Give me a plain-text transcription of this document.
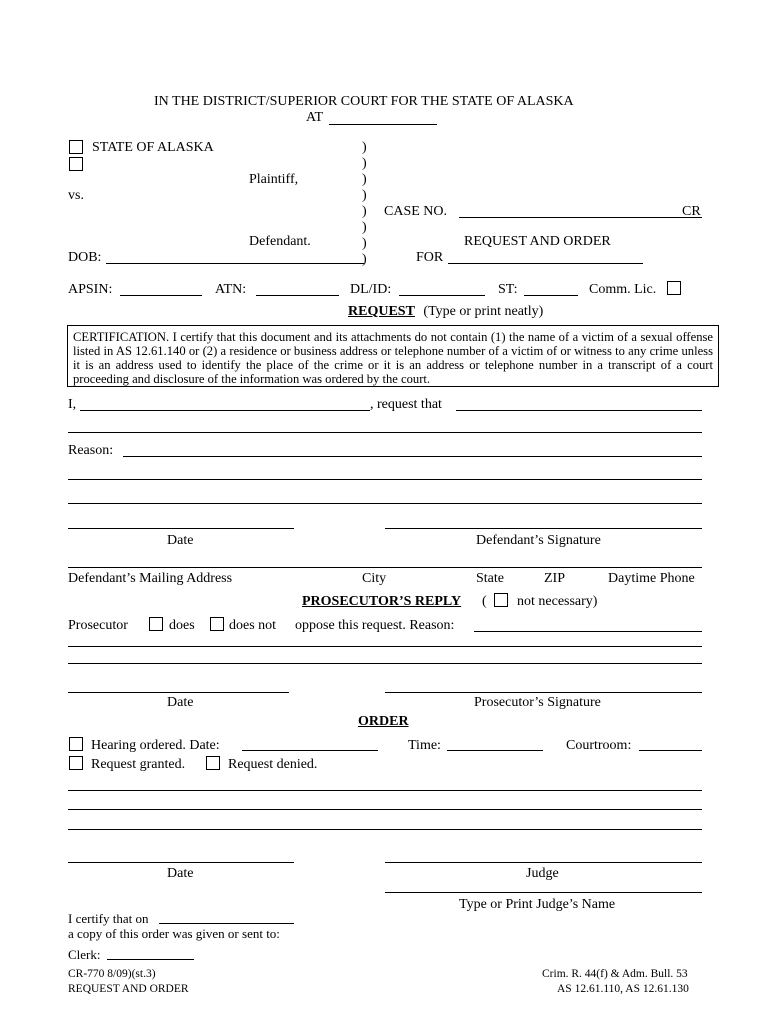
IN THE DISTRICT/SUPERIOR COURT FOR THE STATE OF ALASKA
AT
STATE OF ALASKA
Plaintiff,
vs.
Defendant.
DOB:
)
)
)
)
)
)
)
)
CASE NO.	CR
REQUEST AND ORDER
FOR
APSIN:	ATN:	DL/ID:	ST:	Comm. Lic.
REQUEST (Type or print neatly)
CERTIFICATION. I certify that this document and its attachments do not contain (1) the name of a victim of a sexual offense listed in AS 12.61.140 or (2) a residence or business address or telephone number of a victim of or witness to any crime unless it is an address used to identify the place of the crime or it is an address or telephone number in a transcript of a court proceeding and disclosure of the information was ordered by the court.
I,	, request that
Reason:
Date	Defendant’s Signature
Defendant’s Mailing Address	City	State	ZIP	Daytime Phone
PROSECUTOR’S REPLY ( not necessary)
Prosecutor	does does not oppose this request. Reason:
Date	Prosecutor’s Signature
ORDER
Hearing ordered. Date:	Time:	Courtroom:
Request granted.	Request denied.
Date	Judge
Type or Print Judge’s Name
I certify that on
a copy of this order was given or sent to:
Clerk:
CR-770 8/09)(st.3)
REQUEST AND ORDER
Crim. R. 44(f) & Adm. Bull. 53
AS 12.61.110, AS 12.61.130
